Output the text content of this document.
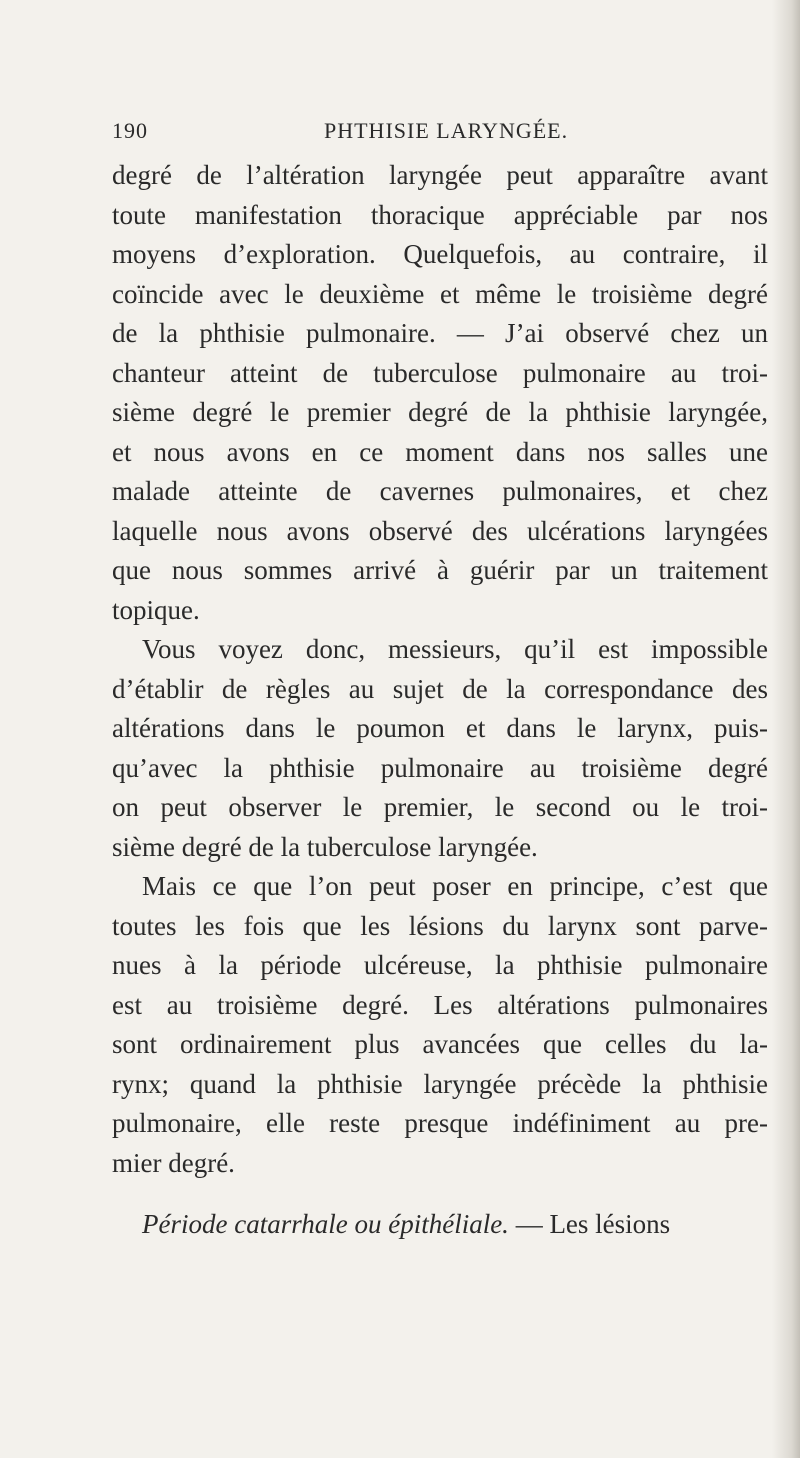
190	PHTHISIE LARYNGÉE.
degré de l’altération laryngée peut apparaître avant
toute manifestation thoracique appréciable par nos
moyens d’exploration. Quelquefois, au contraire, il
coïncide avec le deuxième et même le troisième degré
de la phthisie pulmonaire. — J’ai observé chez un
chanteur atteint de tuberculose pulmonaire au troi-
sième degré le premier degré de la phthisie laryngée,
et nous avons en ce moment dans nos salles une
malade atteinte de cavernes pulmonaires, et chez
laquelle nous avons observé des ulcérations laryngées
que nous sommes arrivé à guérir par un traitement
topique.
Vous voyez donc, messieurs, qu’il est impossible
d’établir de règles au sujet de la correspondance des
altérations dans le poumon et dans le larynx, puis-
qu’avec la phthisie pulmonaire au troisième degré
on peut observer le premier, le second ou le troi-
sième degré de la tuberculose laryngée.
Mais ce que l’on peut poser en principe, c’est que
toutes les fois que les lésions du larynx sont parve-
nues à la période ulcéreuse, la phthisie pulmonaire
est au troisième degré. Les altérations pulmonaires
sont ordinairement plus avancées que celles du la-
rynx; quand la phthisie laryngée précède la phthisie
pulmonaire, elle reste presque indéfiniment au pre-
mier degré.
Période catarrhale ou épithéliale. — Les lésions
